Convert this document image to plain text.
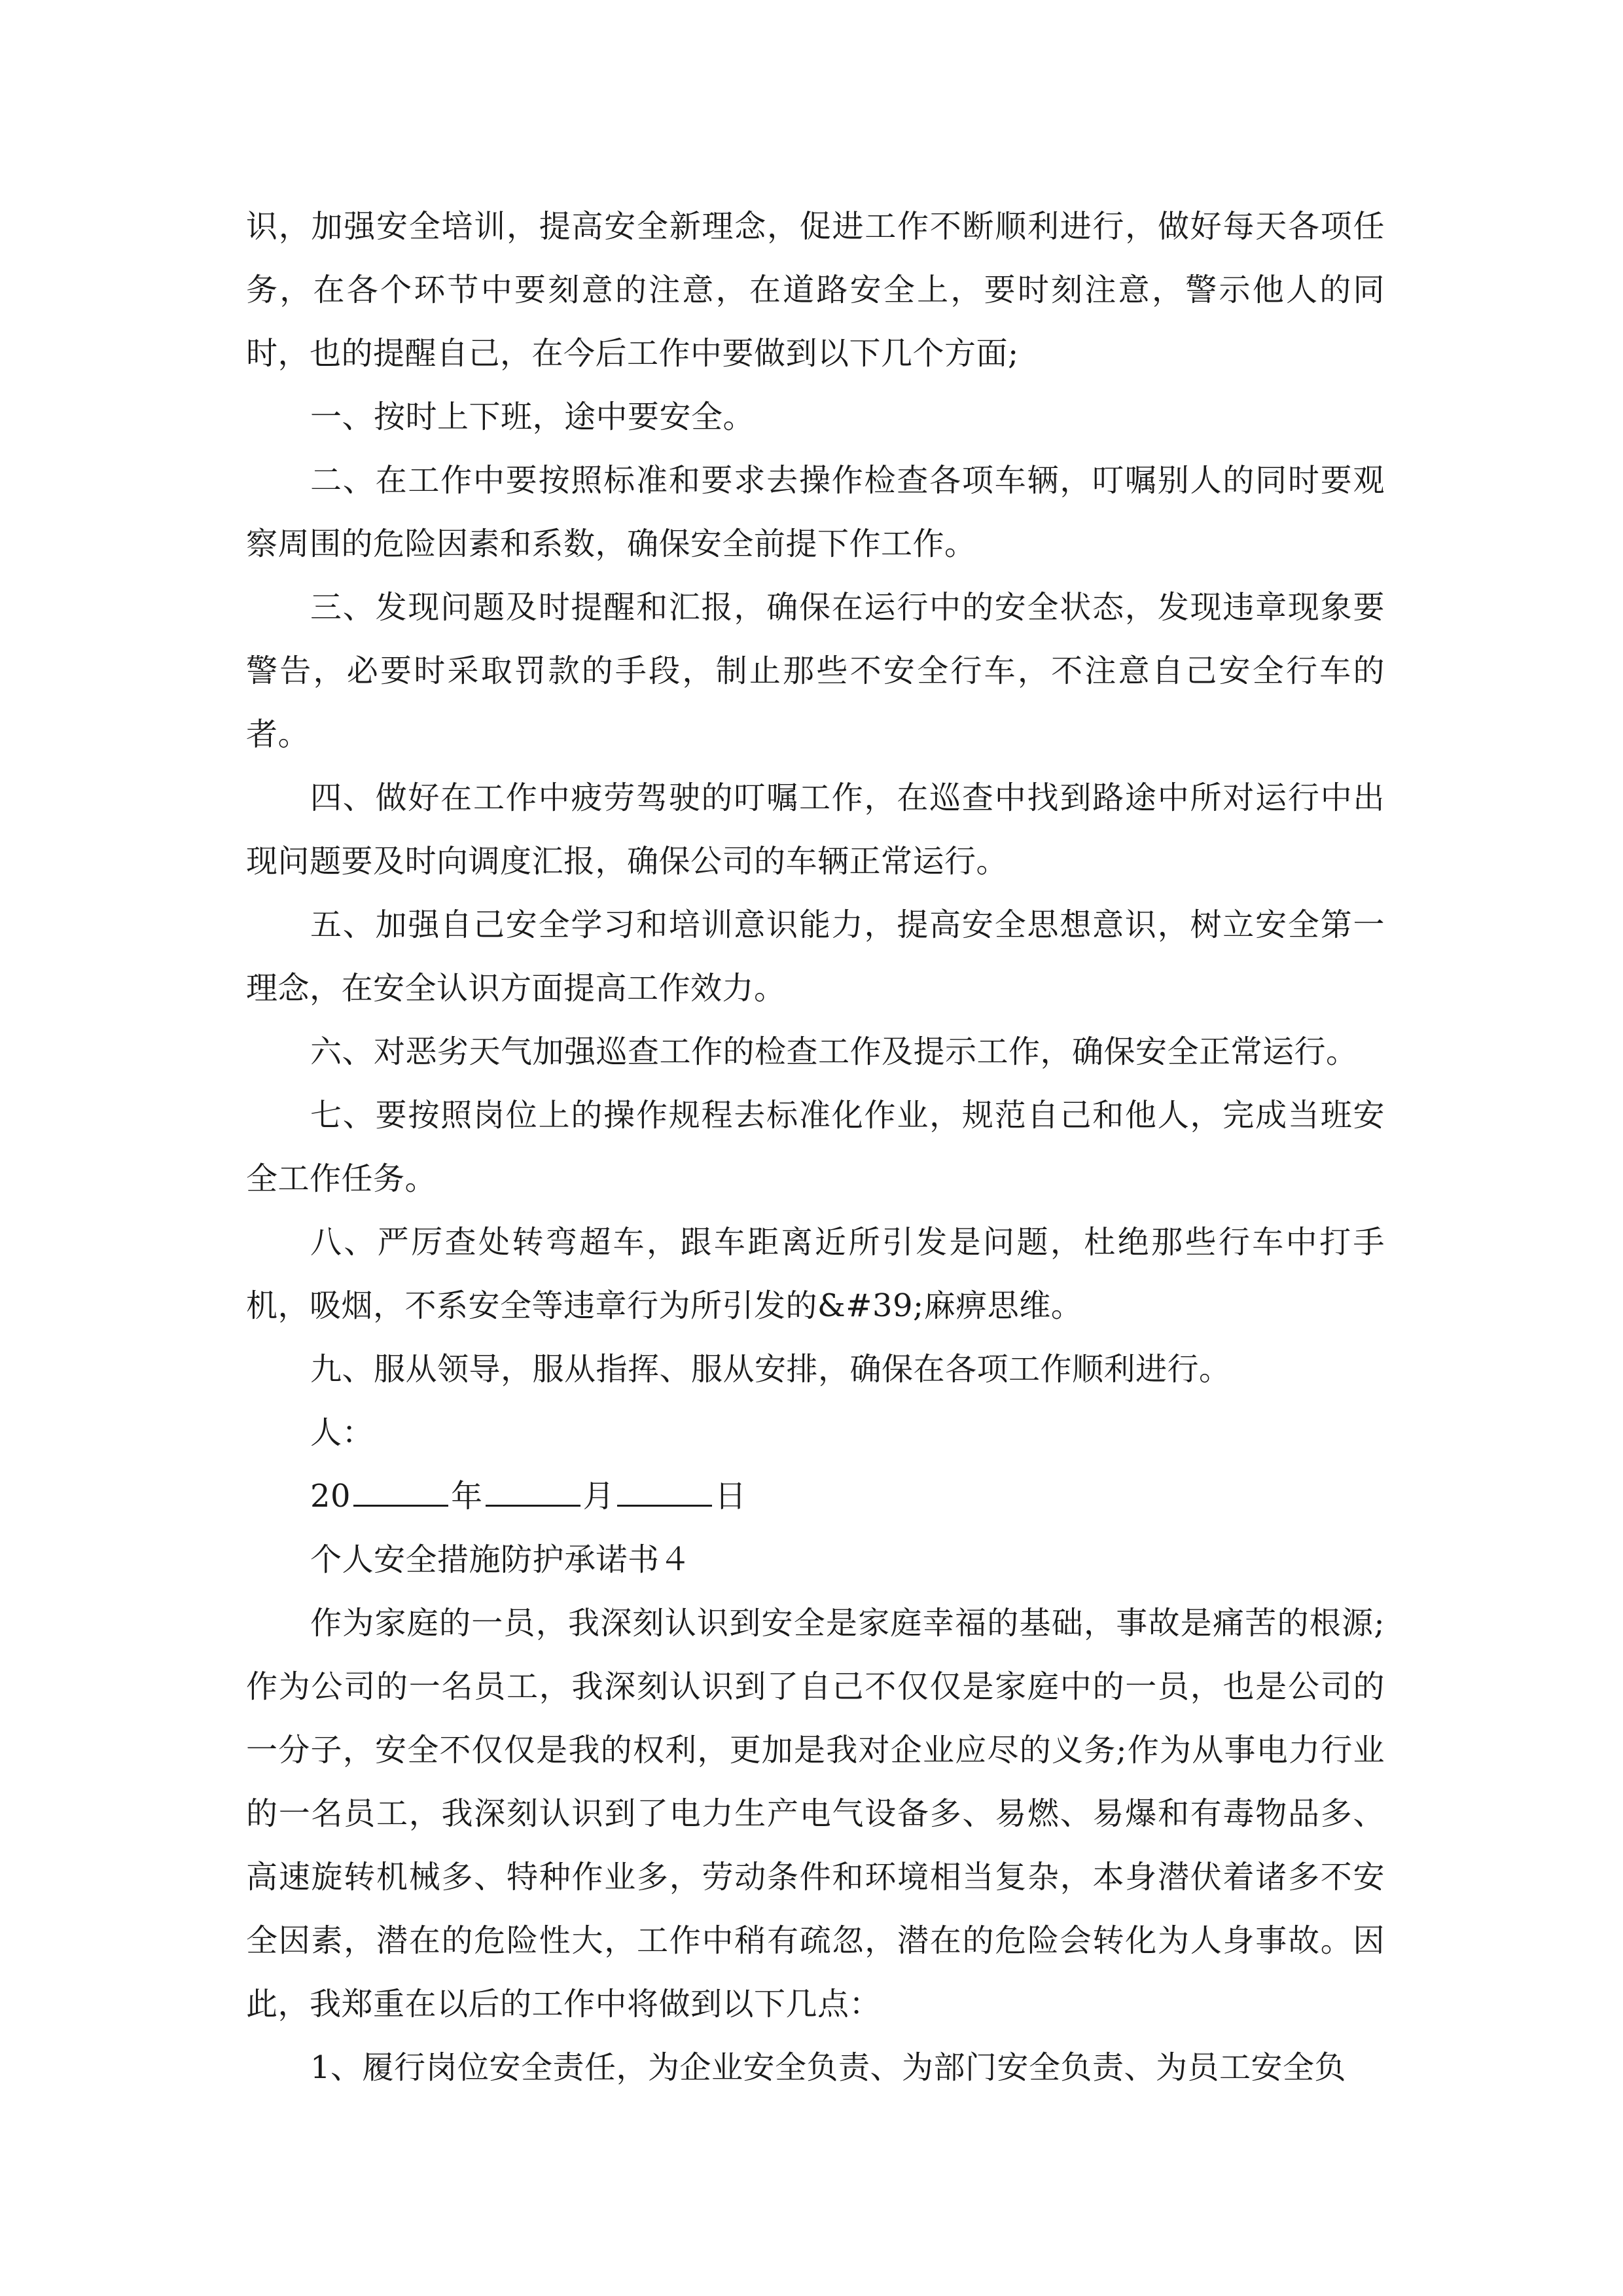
识，加强安全培训，提高安全新理念，促进工作不断顺利进行，做好每天各项任务，在各个环节中要刻意的注意，在道路安全上，要时刻注意，警示他人的同时，也的提醒自己，在今后工作中要做到以下几个方面;

一、按时上下班，途中要安全。

二、在工作中要按照标准和要求去操作检查各项车辆，叮嘱别人的同时要观察周围的危险因素和系数，确保安全前提下作工作。

三、发现问题及时提醒和汇报，确保在运行中的安全状态，发现违章现象要警告，必要时采取罚款的手段，制止那些不安全行车，不注意自己安全行车的者。

四、做好在工作中疲劳驾驶的叮嘱工作，在巡查中找到路途中所对运行中出现问题要及时向调度汇报，确保公司的车辆正常运行。

五、加强自己安全学习和培训意识能力，提高安全思想意识，树立安全第一理念，在安全认识方面提高工作效力。

六、对恶劣天气加强巡查工作的检查工作及提示工作，确保安全正常运行。

七、要按照岗位上的操作规程去标准化作业，规范自己和他人，完成当班安全工作任务。

八、严厉查处转弯超车，跟车距离近所引发是问题，杜绝那些行车中打手机，吸烟，不系安全等违章行为所引发的&#39;麻痹思维。

九、服从领导，服从指挥、服从安排，确保在各项工作顺利进行。

人：

20	年	月	日

个人安全措施防护承诺书４

作为家庭的一员，我深刻认识到安全是家庭幸福的基础，事故是痛苦的根源;作为公司的一名员工，我深刻认识到了自己不仅仅是家庭中的一员，也是公司的一分子，安全不仅仅是我的权利，更加是我对企业应尽的义务;作为从事电力行业的一名员工，我深刻认识到了电力生产电气设备多、易燃、易爆和有毒物品多、高速旋转机械多、特种作业多，劳动条件和环境相当复杂，本身潜伏着诸多不安全因素，潜在的危险性大，工作中稍有疏忽，潜在的危险会转化为人身事故。因此，我郑重在以后的工作中将做到以下几点：

1、履行岗位安全责任，为企业安全负责、为部门安全负责、为员工安全负
